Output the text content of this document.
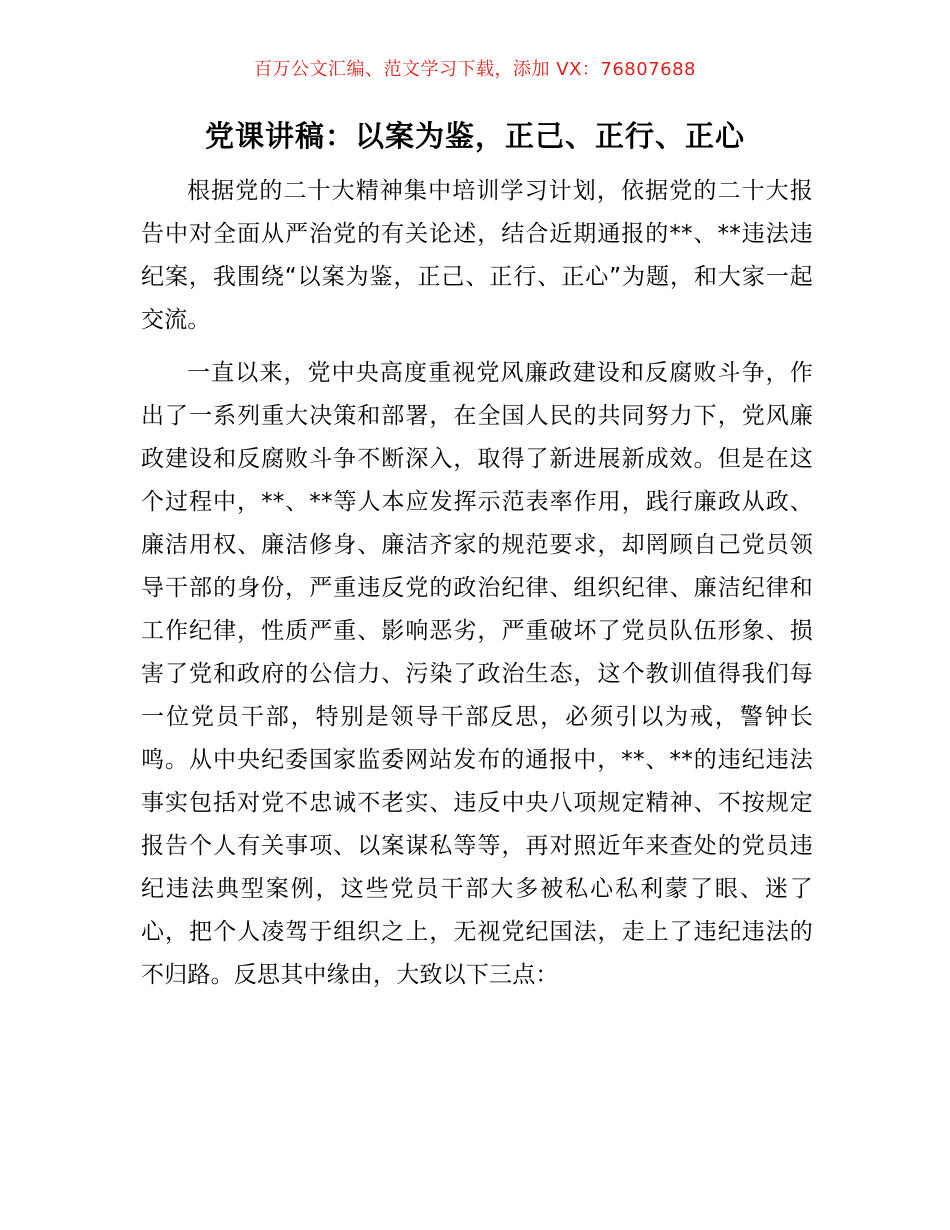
百万公文汇编、范文学习下载，添加 VX：76807688
党课讲稿：以案为鉴，正己、正行、正心

根据党的二十大精神集中培训学习计划，依据党的二十大报告中对全面从严治党的有关论述，结合近期通报的**、**违法违纪案，我围绕“以案为鉴，正己、正行、正心”为题，和大家一起交流。

一直以来，党中央高度重视党风廉政建设和反腐败斗争，作出了一系列重大决策和部署，在全国人民的共同努力下，党风廉政建设和反腐败斗争不断深入，取得了新进展新成效。但是在这个过程中，**、**等人本应发挥示范表率作用，践行廉政从政、廉洁用权、廉洁修身、廉洁齐家的规范要求，却罔顾自己党员领导干部的身份，严重违反党的政治纪律、组织纪律、廉洁纪律和工作纪律，性质严重、影响恶劣，严重破坏了党员队伍形象、损害了党和政府的公信力、污染了政治生态，这个教训值得我们每一位党员干部，特别是领导干部反思，必须引以为戒，警钟长鸣。从中央纪委国家监委网站发布的通报中，**、**的违纪违法事实包括对党不忠诚不老实、违反中央八项规定精神、不按规定报告个人有关事项、以案谋私等等，再对照近年来查处的党员违纪违法典型案例，这些党员干部大多被私心私利蒙了眼、迷了心，把个人凌驾于组织之上，无视党纪国法，走上了违纪违法的不归路。反思其中缘由，大致以下三点：
